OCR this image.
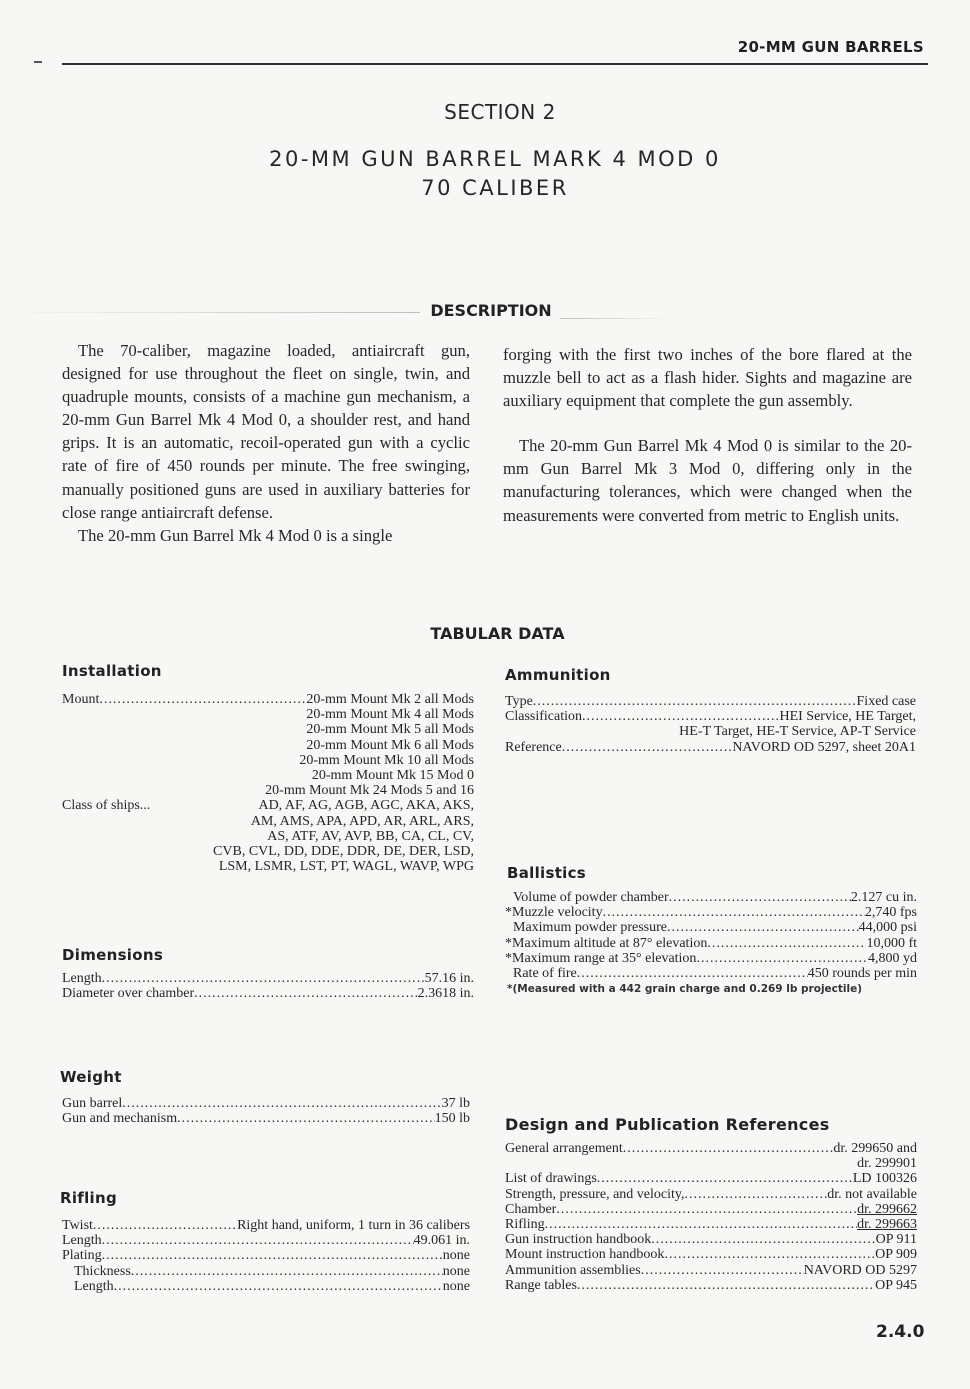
20-MM GUN BARRELS
SECTION 2
20-MM GUN BARREL MARK 4 MOD 0
70 CALIBER
DESCRIPTION

The 70-caliber, magazine loaded, antiaircraft gun, designed for use throughout the fleet on single, twin, and quadruple mounts, consists of a machine gun mechanism, a 20-mm Gun Barrel Mk 4 Mod 0, a shoulder rest, and hand grips. It is an automatic, recoil-operated gun with a cyclic rate of fire of 450 rounds per minute. The free swinging, manually positioned guns are used in auxiliary batteries for close range antiaircraft defense.

The 20-mm Gun Barrel Mk 4 Mod 0 is a single

forging with the first two inches of the bore flared at the muzzle bell to act as a flash hider. Sights and magazine are auxiliary equipment that complete the gun assembly.

The 20-mm Gun Barrel Mk 4 Mod 0 is similar to the 20-mm Gun Barrel Mk 3 Mod 0, differing only in the manufacturing tolerances, which were changed when the measurements were converted from metric to English units.

TABULAR DATA
Installation
Mount .....	20-mm Mount Mk 2 all Mods
20-mm Mount Mk 4 all Mods
20-mm Mount Mk 5 all Mods
20-mm Mount Mk 6 all Mods
20-mm Mount Mk 10 all Mods
20-mm Mount Mk 15 Mod 0
20-mm Mount Mk 24 Mods 5 and 16
Class of ships...	AD, AF, AG, AGB, AGC, AKA, AKS,
AM, AMS, APA, APD, AR, ARL, ARS,
AS, ATF, AV, AVP, BB, CA, CL, CV,
CVB, CVL, DD, DDE, DDR, DE, DER, LSD,
LSM, LSMR, LST, PT, WAGL, WAVP, WPG
Dimensions
Length .....	57.16 in.
Diameter over chamber .....	2.3618 in.
Weight
Gun barrel .....	37 lb
Gun and mechanism .....	150 lb
Rifling
Twist .....	Right hand, uniform, 1 turn in 36 calibers
Length .....	49.061 in.
Plating .....	none
Thickness .....	none
Length .....	none
Ammunition
Type .....	Fixed case
Classification .....	HEI Service, HE Target,
HE-T Target, HE-T Service, AP-T Service
Reference .....	NAVORD OD 5297, sheet 20A1
Ballistics
Volume of powder chamber .....	2.127 cu in.
*Muzzle velocity .....	2,740 fps
Maximum powder pressure .....	44,000 psi
*Maximum altitude at 87° elevation .....	10,000 ft
*Maximum range at 35° elevation .....	4,800 yd
Rate of fire .....	450 rounds per min
*(Measured with a 442 grain charge and 0.269 lb projectile)
Design and Publication References
General arrangement .....	dr. 299650 and
dr. 299901
List of drawings .....	LD 100326
Strength, pressure, and velocity, .....	dr. not available
Chamber .....	dr. 299662
Rifling .....	dr. 299663
Gun instruction handbook .....	OP 911
Mount instruction handbook .....	OP 909
Ammunition assemblies .....	NAVORD OD 5297
Range tables .....	OP 945
2.4.0
